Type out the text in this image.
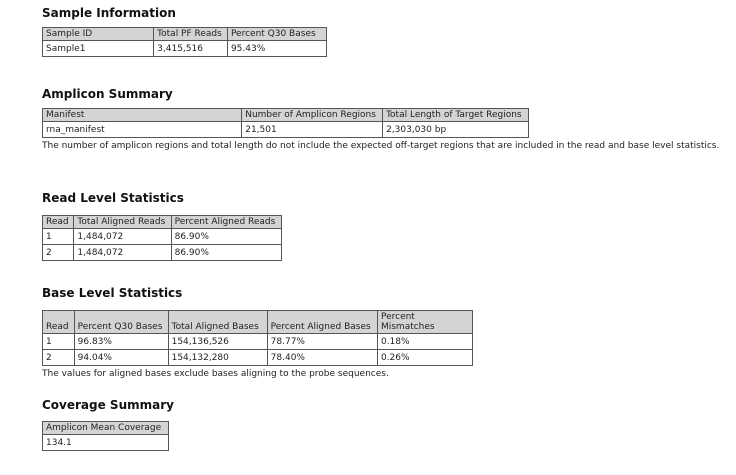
Sample Information
Sample ID	Total PF Reads	Percent Q30 Bases
Sample1	3,415,516	95.43%
Amplicon Summary
Manifest	Number of Amplicon Regions	Total Length of Target Regions
rna_manifest	21,501	2,303,030 bp
The number of amplicon regions and total length do not include the expected off-target regions that are included in the read and base level statistics.
Read Level Statistics
Read	Total Aligned Reads	Percent Aligned Reads
1	1,484,072	86.90%
2	1,484,072	86.90%
Base Level Statistics
Read	Percent Q30 Bases	Total Aligned Bases	Percent Aligned Bases	Percent Mismatches
1	96.83%	154,136,526	78.77%	0.18%
2	94.04%	154,132,280	78.40%	0.26%
The values for aligned bases exclude bases aligning to the probe sequences.
Coverage Summary
Amplicon Mean Coverage
134.1
